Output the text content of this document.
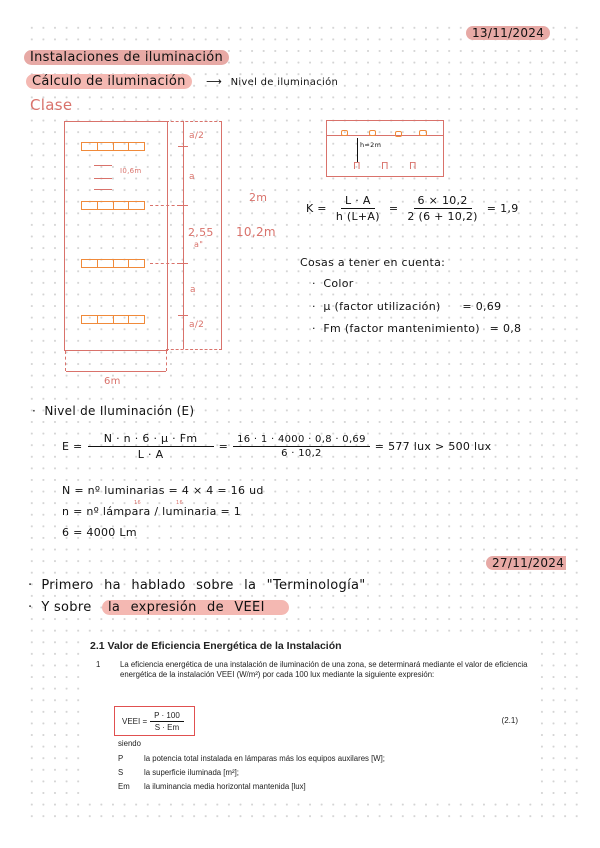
13/11/2024
Instalaciones de iluminación
Cálculo de iluminación ⟶ Nivel de iluminación
Clase
I0,6m
a/2
a
2,55
a"
a
a/2
2m
10,2m
6m
h=2m
П П П
$K = \frac{L \cdot A}{h (L+A)} = \frac{6 \times 10,2}{2 (6 + 10,2)} = 1,9$
Cosas a tener en cuenta:
· Color
· μ (factor utilización) = 0,69
· Fm (factor mantenimiento) = 0,8
· Nivel de Iluminación (E)
$E = \frac{N \cdot n \cdot 6 \cdot \mu \cdot Fm}{L \cdot A} = \frac{16 \cdot 1 \cdot 4000 \cdot 0,8 \cdot 0,69}{6 \cdot 10,2} = 577$ lux > 500 lux
N = nº luminarias = 4 × 4 = 16 ud
n = nº lámpara / luminaria = 1
16	16
6 = 4000 Lm
27/11/2024
· Primero ha hablado sobre la "Terminología"
· Y sobre la expresión de VEEI
2.1 Valor de Eficiencia Energética de la Instalación
1	La eficiencia energética de una instalación de iluminación de una zona, se determinará mediante el valor de eficiencia energética de la instalación VEEI (W/m²) por cada 100 lux mediante la siguiente expresión:
VEEI = $\frac{P \cdot 100}{S \cdot Em}$	(2.1)
siendo
P	la potencia total instalada en lámparas más los equipos auxilares [W];
S	la superficie iluminada [m²];
Em	la iluminancia media horizontal mantenida [lux]
